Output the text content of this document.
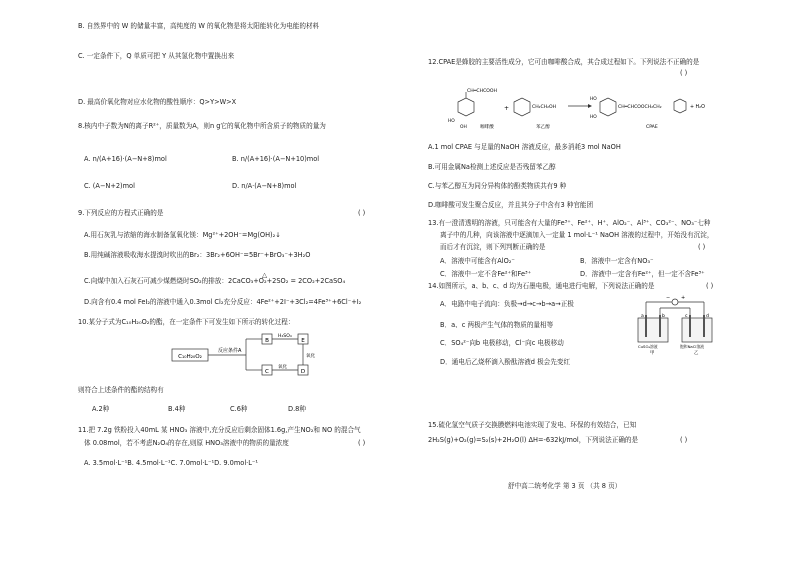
B. 自然界中的 W 的储量丰富，高纯度的 W 的氧化物是将太阳能转化为电能的材料
C. 一定条件下，Q 单质可把 Y 从其氢化物中置换出来
D. 最高价氧化物对应水化物的酸性顺序：Q>Y>W>X
8.核内中子数为N的离子R²⁺，质量数为A，则n g它的氧化物中所含质子的物质的量为
A. n/(A+16)·(A−N+8)mol	B. n/(A+16)·(A−N+10)mol
C. (A−N+2)mol	D. n/A·(A−N+8)mol
9.下列反应的方程式正确的是	( )
A.用石灰乳与浓缩的海水制备氢氧化镁：Mg²⁺+2OH⁻=Mg(OH)₂↓
B.用纯碱溶液吸收海水提溴时吹出的Br₂：3Br₂+6OH⁻=5Br⁻+BrO₃⁻+3H₂O
C.向煤中加入石灰石可减少煤燃烧时SO₂的排放：2CaCO₃+O₂+2SO₂ = 2CO₂+2CaSO₄
△
D.向含有0.4 mol FeI₂的溶液中通入0.3mol Cl₂充分反应：4Fe²⁺+2I⁻+3Cl₂=4Fe³⁺+6Cl⁻+I₂
10.某分子式为C₁₀H₂₀O₂的酯，在一定条件下可发生如下所示的转化过程：
C₁₀H₂₀O₂
反应条件A
B
H₂SO₄
E
C
氧化
D
氧化
则符合上述条件的酯的结构有
A.2种	B.4种	C.6种	D.8种
11.把 7.2g 铁粉投入40mL 某 HNO₃ 溶液中,充分反应后剩余固体1.6g,产生NO₂和 NO 的混合气
体 0.08mol，若不考虑N₂O₄的存在,则原 HNO₃溶液中的物质的量浓度	( )
A. 3.5mol·L⁻¹B. 4.5mol·L⁻¹C. 7.0mol·L⁻¹D. 9.0mol·L⁻¹
12.CPAE是蜂胶的主要活性成分，它可由咖啡酸合成，其合成过程如下。下列说法不正确的是
( )
CH═CHCOOH
HO
OH	咖啡酸
+	CH₂CH₂OH
苯乙醇
HO
HO
CH═CHCOOCH₂CH₂	+ H₂O
CPAE
A.1 mol CPAE 与足量的NaOH 溶液反应，最多消耗3 mol NaOH
B.可用金属Na检测上述反应是否残留苯乙醇
C.与苯乙醇互为同分异构体的酚类物质共有9 种
D.咖啡酸可发生聚合反应，并且其分子中含有3 种官能团
13.有一澄清透明的溶液，只可能含有大量的Fe³⁺、Fe²⁺、H⁺、AlO₂⁻、Al³⁺、CO₃²⁻、NO₃⁻七种
离子中的几种，向该溶液中逐滴加入一定量 1 mol·L⁻¹ NaOH 溶液的过程中，开始没有沉淀，
而后才有沉淀，则下列判断正确的是	( )
A．溶液中可能含有AlO₂⁻	B．溶液中一定含有NO₃⁻
C．溶液中一定不含Fe²⁺和Fe³⁺	D．溶液中一定含有Fe²⁺，但一定不含Fe³⁺
14.如图所示，a、b、c、d 均为石墨电极，通电进行电解，下列说法正确的是	( )
A．电路中电子流向：负极→d→c→b→a→正极
B．a、c 两极产生气体的物质的量相等
C．SO₄²⁻向b 电极移动，Cl⁻向c 电极移动
D．通电后乙烧杯滴入酚酞溶液d 极会先变红
− +
a	b	c	d
CuSO₄溶液
甲
饱和NaCl溶液
乙
15.硫化氢空气质子交换膜燃料电池实现了发电、环保的有效结合，已知
2H₂S(g)+O₂(g)=S₂(s)+2H₂O(l) ΔH=-632kJ/mol，下列说法正确的是	( )
舒中高二统考化学 第 3 页 （共 8 页）
